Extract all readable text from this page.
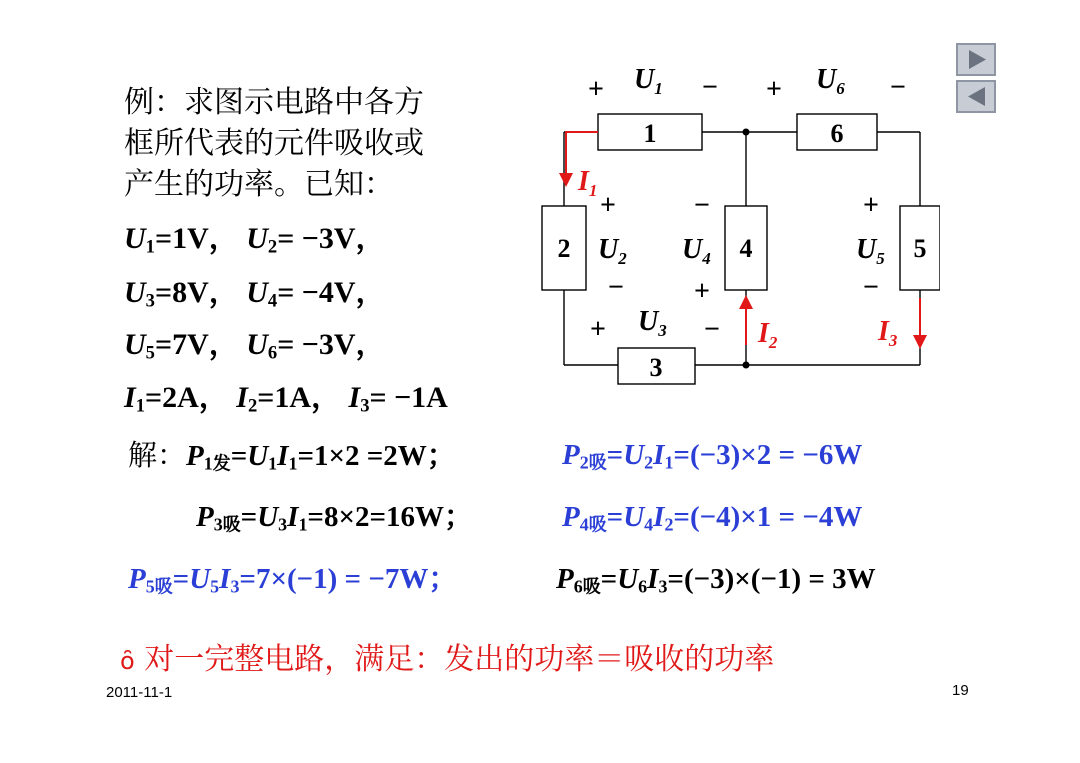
例：求图示电路中各方
框所代表的元件吸收或
产生的功率。已知：
$U_1=1V$， $U_2= -3V$，
$U_3=8V$， $U_4= -4V$，
$U_5=7V$， $U_6= -3V$，
$I_1=2A$， $I_2=1A$， $I_3= -1A$
1	6
2	4	5
3
+ $U_1$ − + $U_6$ −
$I_1$ +
$U_2$
−
−
$U_4$
+
+
$U_5$
−
+ $U_3 - I_2$	$I_3$
解：$P_{1发}=U_1I_1=1\times 2 =2W$；	$P_{2吸}=U_2I_1=(-3)\times 2 = -6W$
$P_{3吸}=U_3I_1=8\times 2=16W$；	$P_{4吸}=U_4I_2=(-4)\times 1 = -4W$
$P_{5吸}=U_5I_3=7\times(-1) = -7W$；	$P_{6吸}=U_6I_3=(-3)\times(-1) = 3W$
ȏ 对一完整电路，满足：发出的功率＝吸收的功率
2011-11-1	19
